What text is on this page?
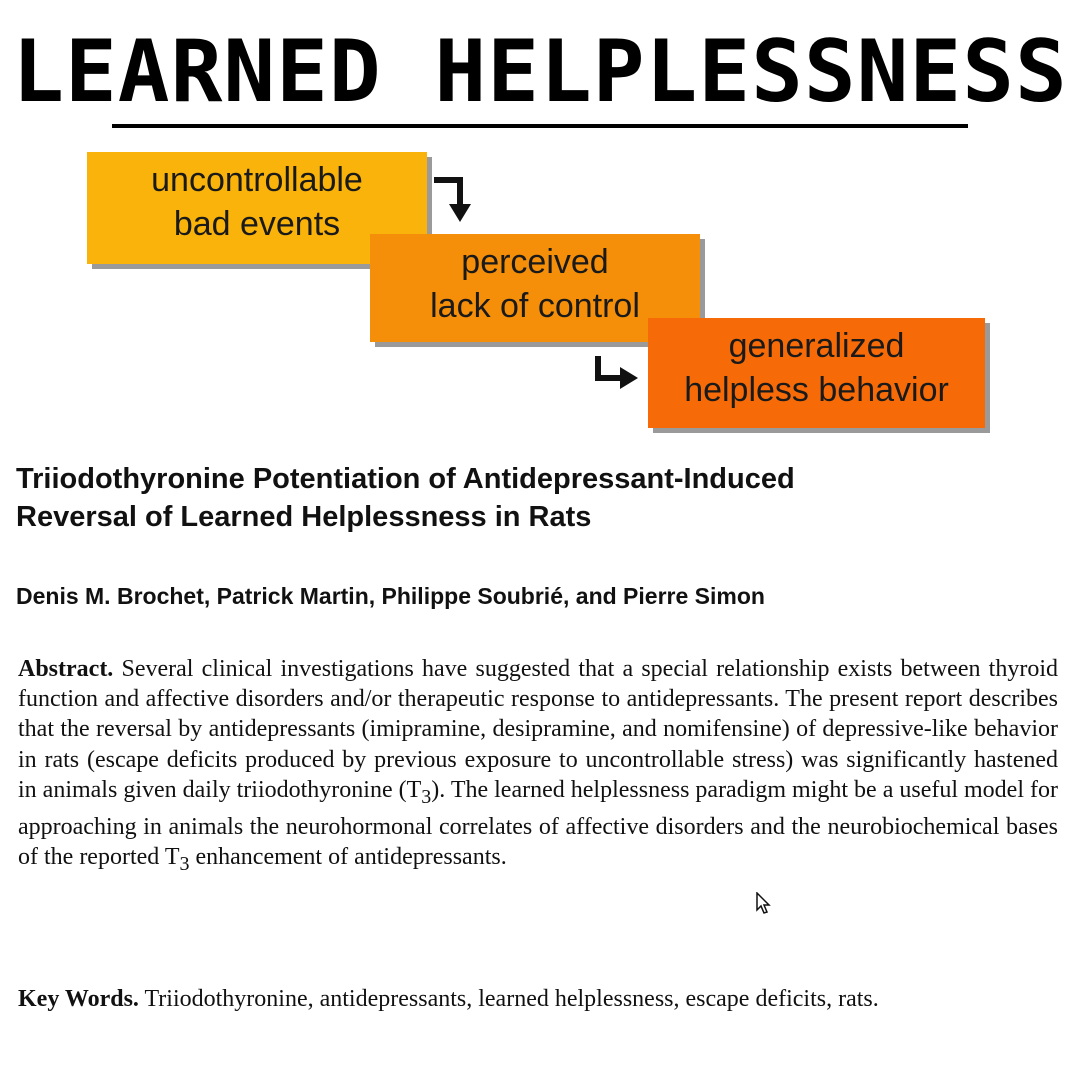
LEARNED HELPLESSNESS
uncontrollable
bad events
perceived
lack of control
generalized
helpless behavior
Triiodothyronine Potentiation of Antidepressant-Induced
Reversal of Learned Helplessness in Rats
Denis M. Brochet, Patrick Martin, Philippe Soubrié, and Pierre Simon
Abstract. Several clinical investigations have suggested that a special relationship exists between thyroid function and affective disorders and/or therapeutic response to antidepressants. The present report describes that the reversal by antidepressants (imipramine, desipramine, and nomifensine) of depressive-like behavior in rats (escape deficits produced by previous exposure to uncontrollable stress) was significantly hastened in animals given daily triiodothyronine $(T_3)$. The learned helplessness paradigm might be a useful model for approaching in animals the neurohormonal correlates of affective disorders and the neurobiochemical bases of the reported $T_3$ enhancement of antidepressants.
Key Words. Triiodothyronine, antidepressants, learned helplessness, escape deficits, rats.
